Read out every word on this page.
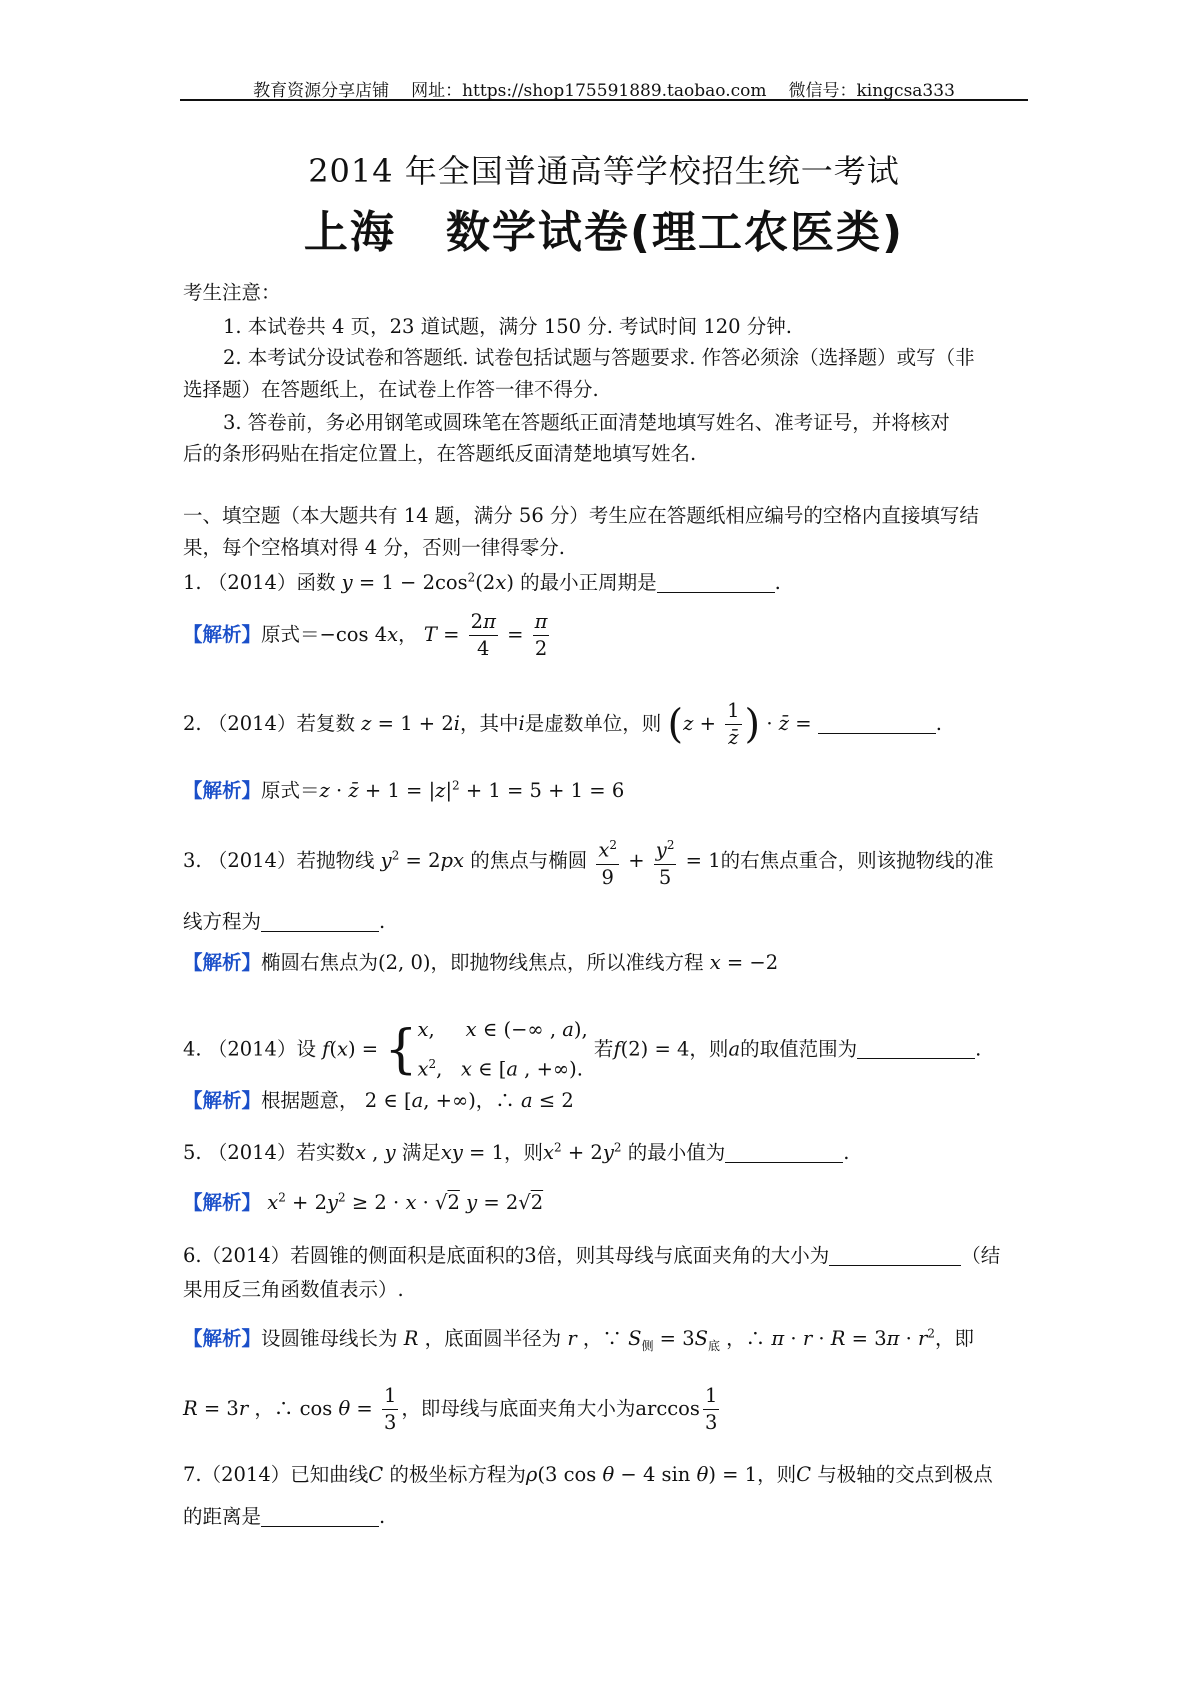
教育资源分享店铺 网址：https://shop175591889.taobao.com 微信号：kingcsa333
2014 年全国普通高等学校招生统一考试
上海 数学试卷(理工农医类)
考生注意：
1. 本试卷共 4 页，23 道试题，满分 150 分. 考试时间 120 分钟.
2. 本考试分设试卷和答题纸. 试卷包括试题与答题要求. 作答必须涂（选择题）或写（非
选择题）在答题纸上，在试卷上作答一律不得分.
3. 答卷前，务必用钢笔或圆珠笔在答题纸正面清楚地填写姓名、准考证号，并将核对
后的条形码贴在指定位置上，在答题纸反面清楚地填写姓名.
一、填空题（本大题共有 14 题，满分 56 分）考生应在答题纸相应编号的空格内直接填写结
果，每个空格填对得 4 分，否则一律得零分.
1. （2014）函数 $y = 1 - 2\cos^2(2x)$ 的最小正周期是	.
【解析】原式＝−cos 4x， $T = \frac{2\pi}{4} = \frac{\pi}{2}$
2. （2014）若复数 z = 1 + 2i，其中i是虚数单位，则 ($z + \frac{1}{z̄}$ ) · z̄ =	.
【解析】原式＝z · z̄ + $1 = |z|^2 + 1 = 5 + 1 = 6$
3. （2014）若抛物线 $y^2 = 2px$ 的焦点与椭圆 $\frac{x^2}{9} + \frac{y^2}{5} = 1$的右焦点重合，则该抛物线的准
线方程为	.
【解析】椭圆右焦点为(2, 0)，即抛物线焦点，所以准线方程 x = −2
4. （2014）设 f(x) = { x,     x ∈ (−∞ , a),
$x^2$,   x ∈ [a , +∞).
若f(2) = 4，则a的取值范围为	.
【解析】根据题意， 2 ∈ [a, +∞)，∴ a ≤ 2
5. （2014）若实数x , y 满足xy = 1，则$x^2 + 2y^2$ 的最小值为	.
【解析】 $x^2 + 2y^2 \ge 2 \cdot x \cdot √2$ y = 2√2
6.（2014）若圆锥的侧面积是底面积的3倍，则其母线与底面夹角的大小为	（结
果用反三角函数值表示）.
【解析】设圆锥母线长为 R ，底面圆半径为 r ，∵ $S_侧 = 3S_底$ ，∴ $\pi \cdot r \cdot R = 3\pi \cdot r^2$，即
R = 3r ，∴ $\cos \theta = \frac{1}{3}$ ，即母线与底面夹角大小为$\arccos \frac{1}{3}$
7.（2014）已知曲线C 的极坐标方程为ρ(3 cos θ − 4 sin θ) = 1，则C 与极轴的交点到极点
的距离是	.
